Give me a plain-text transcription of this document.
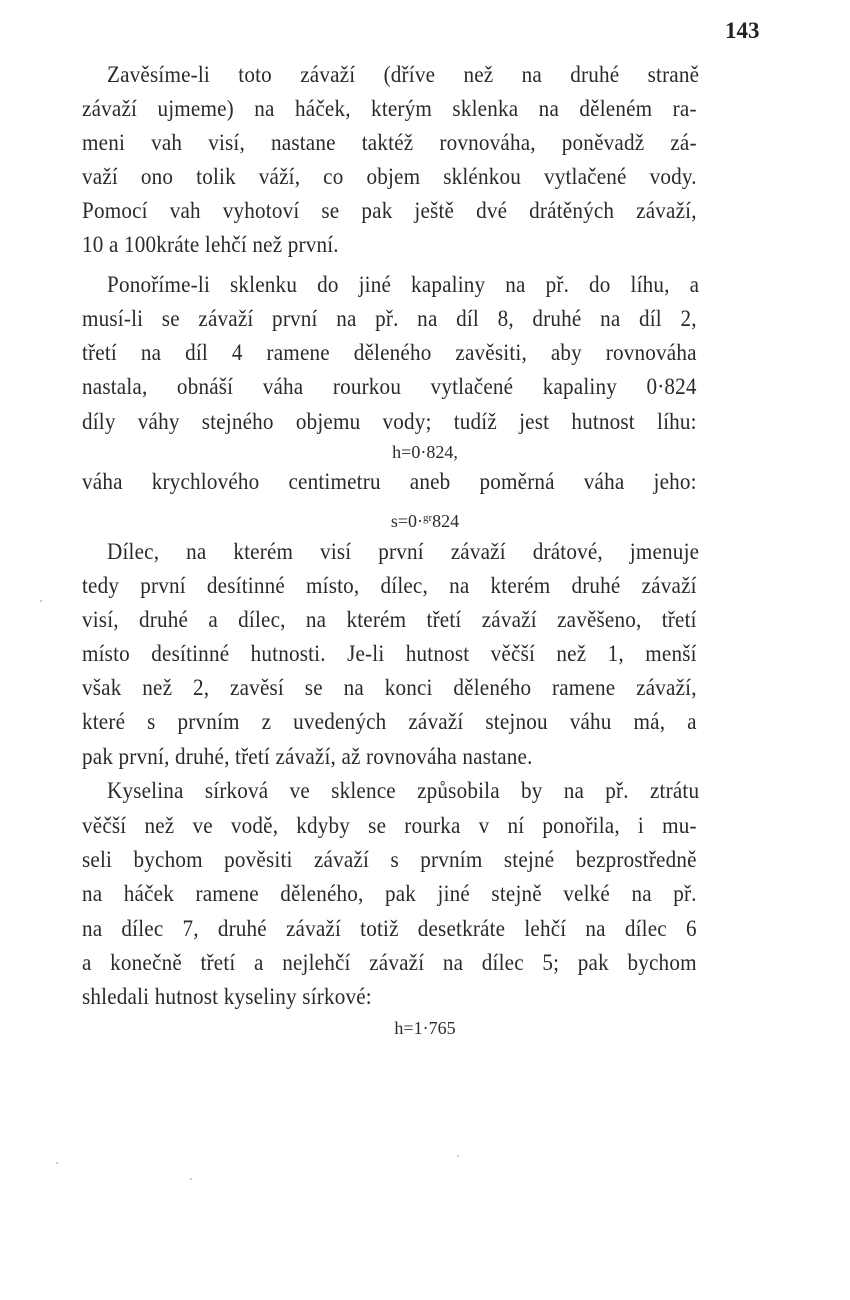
143
Zavěsíme-li toto závaží (dříve než na druhé straně
závaží ujmeme) na háček, kterým sklenka na děleném ra-
meni vah visí, nastane taktéž rovnováha, poněvadž zá-
važí ono tolik váží, co objem sklénkou vytlačené vody.
Pomocí vah vyhotoví se pak ještě dvé drátěných závaží,
10 a 100kráte lehčí než první.
Ponoříme-li sklenku do jiné kapaliny na př. do líhu, a
musí-li se závaží první na př. na díl 8, druhé na díl 2,
třetí na díl 4 ramene děleného zavěsiti, aby rovnováha
nastala, obnáší váha rourkou vytlačené kapaliny 0·824
díly váhy stejného objemu vody; tudíž jest hutnost líhu:
h=0·824,
váha krychlového centimetru aneb poměrná váha jeho:
s=0·$^{gr}$824
Dílec, na kterém visí první závaží drátové, jmenuje
tedy první desítinné místo, dílec, na kterém druhé závaží
visí, druhé a dílec, na kterém třetí závaží zavěšeno, třetí
místo desítinné hutnosti. Je-li hutnost věčší než 1, menší
však než 2, zavěsí se na konci děleného ramene závaží,
které s prvním z uvedených závaží stejnou váhu má, a
pak první, druhé, třetí závaží, až rovnováha nastane.
Kyselina sírková ve sklence způsobila by na př. ztrátu
věčší než ve vodě, kdyby se rourka v ní ponořila, i mu-
seli bychom pověsiti závaží s prvním stejné bezprostředně
na háček ramene děleného, pak jiné stejně velké na př.
na dílec 7, druhé závaží totiž desetkráte lehčí na dílec 6
a konečně třetí a nejlehčí závaží na dílec 5; pak bychom
shledali hutnost kyseliny sírkové:
h=1·765
